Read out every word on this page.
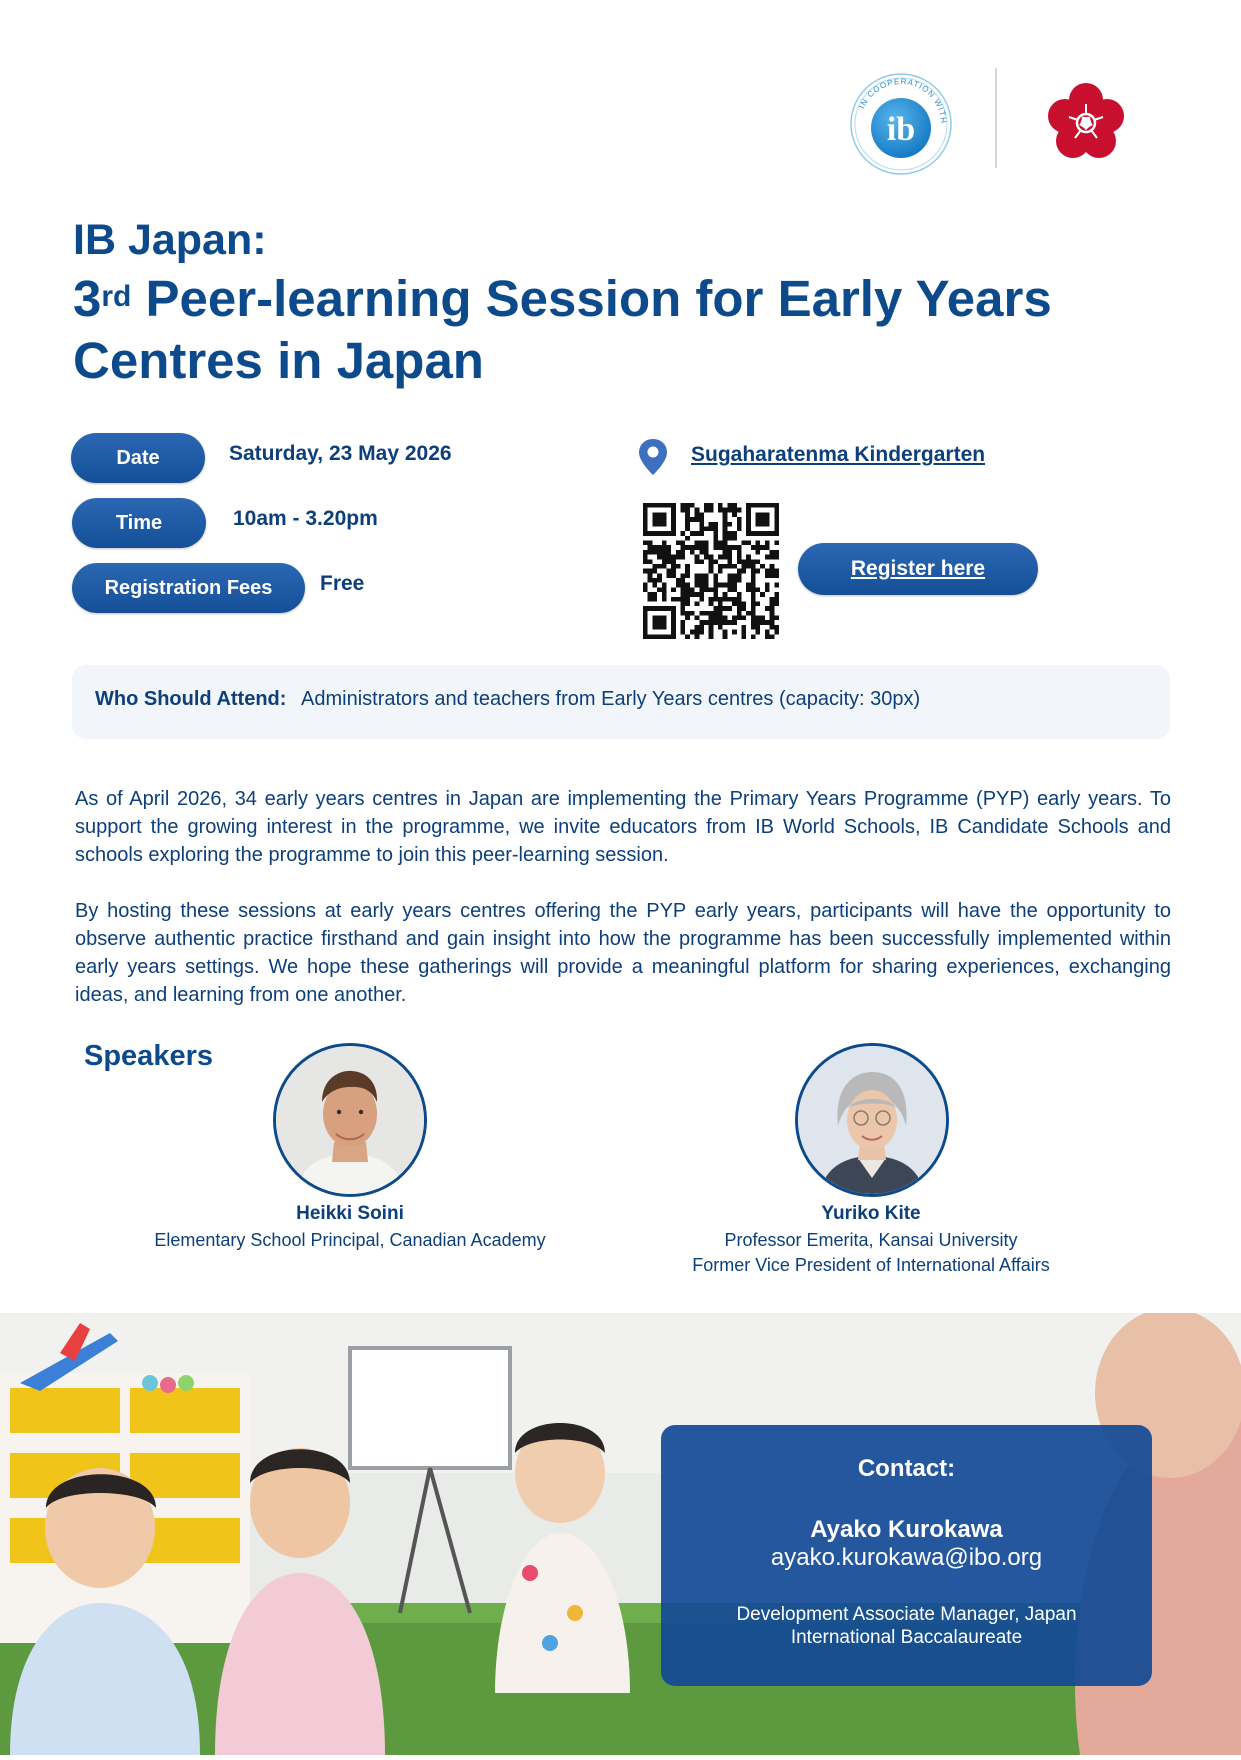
IN COOPERATION WITH
ib
IB Japan:
3rd Peer-learning Session for Early Years
Centres in Japan
Date	Saturday, 23 May 2026
Time	10am - 3.20pm
Registration Fees	Free
Sugaharatenma Kindergarten
Register here
Who Should Attend: Administrators and teachers from Early Years centres (capacity: 30px)
As of April 2026, 34 early years centres in Japan are implementing the Primary Years Programme (PYP) early years. To support the growing interest in the programme, we invite educators from IB World Schools, IB Candidate Schools and schools exploring the programme to join this peer-learning session.
By hosting these sessions at early years centres offering the PYP early years, participants will have the opportunity to observe authentic practice firsthand and gain insight into how the programme has been successfully implemented within early years settings. We hope these gatherings will provide a meaningful platform for sharing experiences, exchanging ideas, and learning from one another.
Speakers
Heikki Soini
Elementary School Principal, Canadian Academy
Yuriko Kite
Professor Emerita, Kansai University
Former Vice President of International Affairs
Contact:
Ayako Kurokawa
ayako.kurokawa@ibo.org
Development Associate Manager, Japan
International Baccalaureate
